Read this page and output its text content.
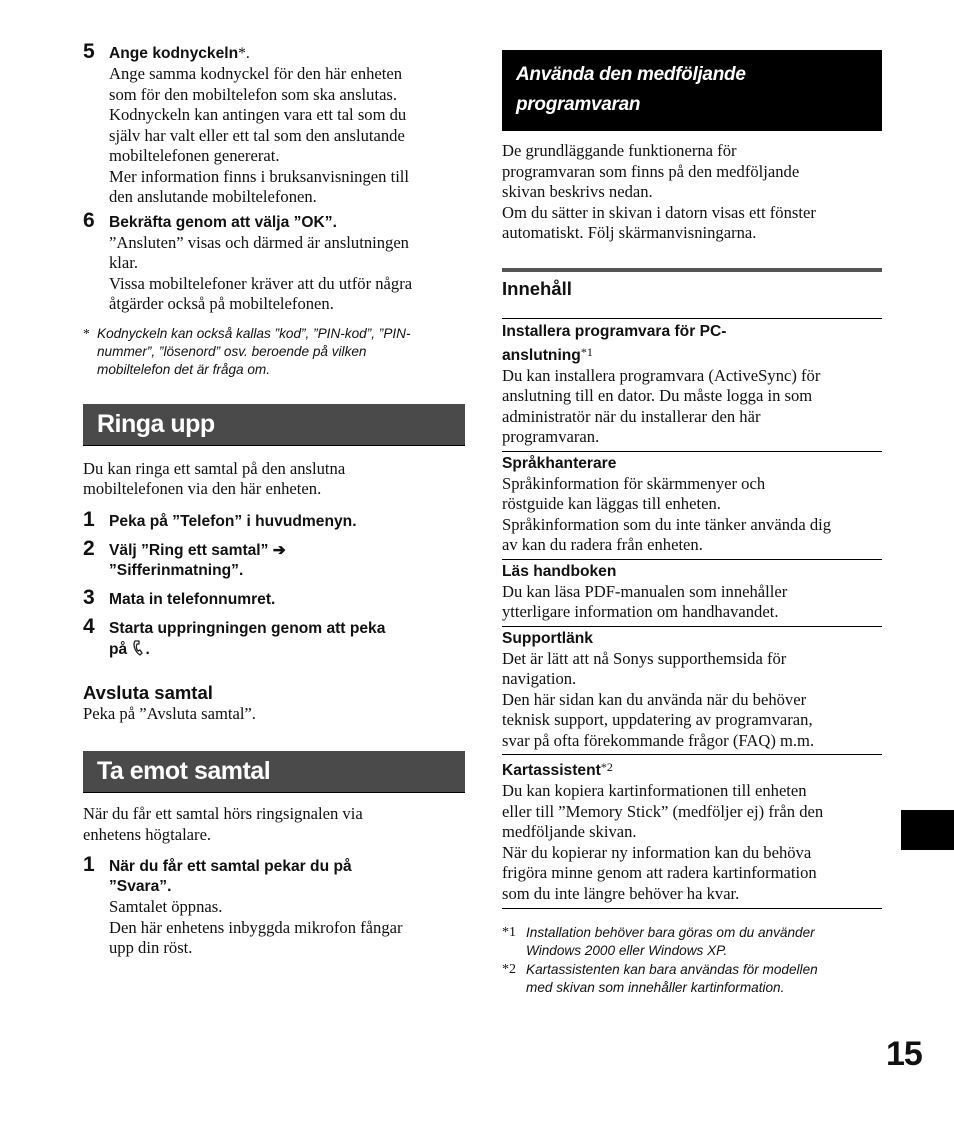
5 Ange kodnyckeln*.
Ange samma kodnyckel för den här enheten
som för den mobiltelefon som ska anslutas.
Kodnyckeln kan antingen vara ett tal som du
själv har valt eller ett tal som den anslutande
mobiltelefonen genererat.
Mer information finns i bruksanvisningen till
den anslutande mobiltelefonen.
6 Bekräfta genom att välja ”OK”.
”Ansluten” visas och därmed är anslutningen
klar.
Vissa mobiltelefoner kräver att du utför några
åtgärder också på mobiltelefonen.
* Kodnyckeln kan också kallas ”kod”, ”PIN-kod”, ”PIN-
nummer”, ”lösenord” osv. beroende på vilken
mobiltelefon det är fråga om.
Ringa upp
Du kan ringa ett samtal på den anslutna
mobiltelefonen via den här enheten.
1 Peka på ”Telefon” i huvudmenyn.
2 Välj ”Ring ett samtal” ➔
”Sifferinmatning”.
3 Mata in telefonnumret.
4 Starta uppringningen genom att peka
på .
Avsluta samtal
Peka på ”Avsluta samtal”.
Ta emot samtal
När du får ett samtal hörs ringsignalen via
enhetens högtalare.
1 När du får ett samtal pekar du på
”Svara”.
Samtalet öppnas.
Den här enhetens inbyggda mikrofon fångar
upp din röst.
Använda den medföljande
programvaran
De grundläggande funktionerna för
programvaran som finns på den medföljande
skivan beskrivs nedan.
Om du sätter in skivan i datorn visas ett fönster
automatiskt. Följ skärmanvisningarna.
Innehåll
Installera programvara för PC-
anslutning$^{*1}$
Du kan installera programvara (ActiveSync) för
anslutning till en dator. Du måste logga in som
administratör när du installerar den här
programvaran.
Språkhanterare
Språkinformation för skärmmenyer och
röstguide kan läggas till enheten.
Språkinformation som du inte tänker använda dig
av kan du radera från enheten.
Läs handboken
Du kan läsa PDF-manualen som innehåller
ytterligare information om handhavandet.
Supportlänk
Det är lätt att nå Sonys supporthemsida för
navigation.
Den här sidan kan du använda när du behöver
teknisk support, uppdatering av programvaran,
svar på ofta förekommande frågor (FAQ) m.m.
Kartassistent$^{*2}$
Du kan kopiera kartinformationen till enheten
eller till ”Memory Stick” (medföljer ej) från den
medföljande skivan.
När du kopierar ny information kan du behöva
frigöra minne genom att radera kartinformation
som du inte längre behöver ha kvar.
*1 Installation behöver bara göras om du använder
Windows 2000 eller Windows XP.
*2 Kartassistenten kan bara användas för modellen
med skivan som innehåller kartinformation.
15
